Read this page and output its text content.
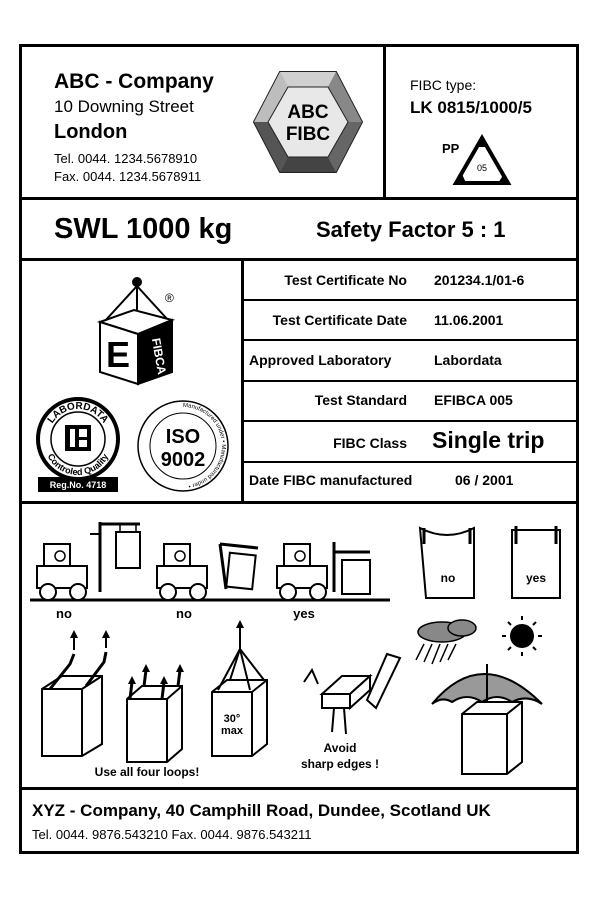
ABC - Company
10 Downing Street
London
Tel. 0044. 1234.5678910
Fax. 0044. 1234.5678911
ABC
FIBC
FIBC type:
LK 0815/1000/5
PP
05
SWL 1000 kg	Safety Factor 5 : 1
E FIBCA
®
LABORDATA
Controled Quality
Reg.No. 4718
Manufactured under • Manufactured under •
ISO
9002
Test Certificate No 201234.1/01-6
Test Certificate Date 11.06.2001
Approved Laboratory	Labordata
Test Standard EFIBCA 005
FIBC Class Single trip
Date FIBC manufactured	06 / 2001
no	no	yes
no	yes
Use all four loops!
30°
max
Avoid
sharp edges !
XYZ - Company, 40 Camphill Road, Dundee, Scotland UK
Tel. 0044. 9876.543210 Fax. 0044. 9876.543211
